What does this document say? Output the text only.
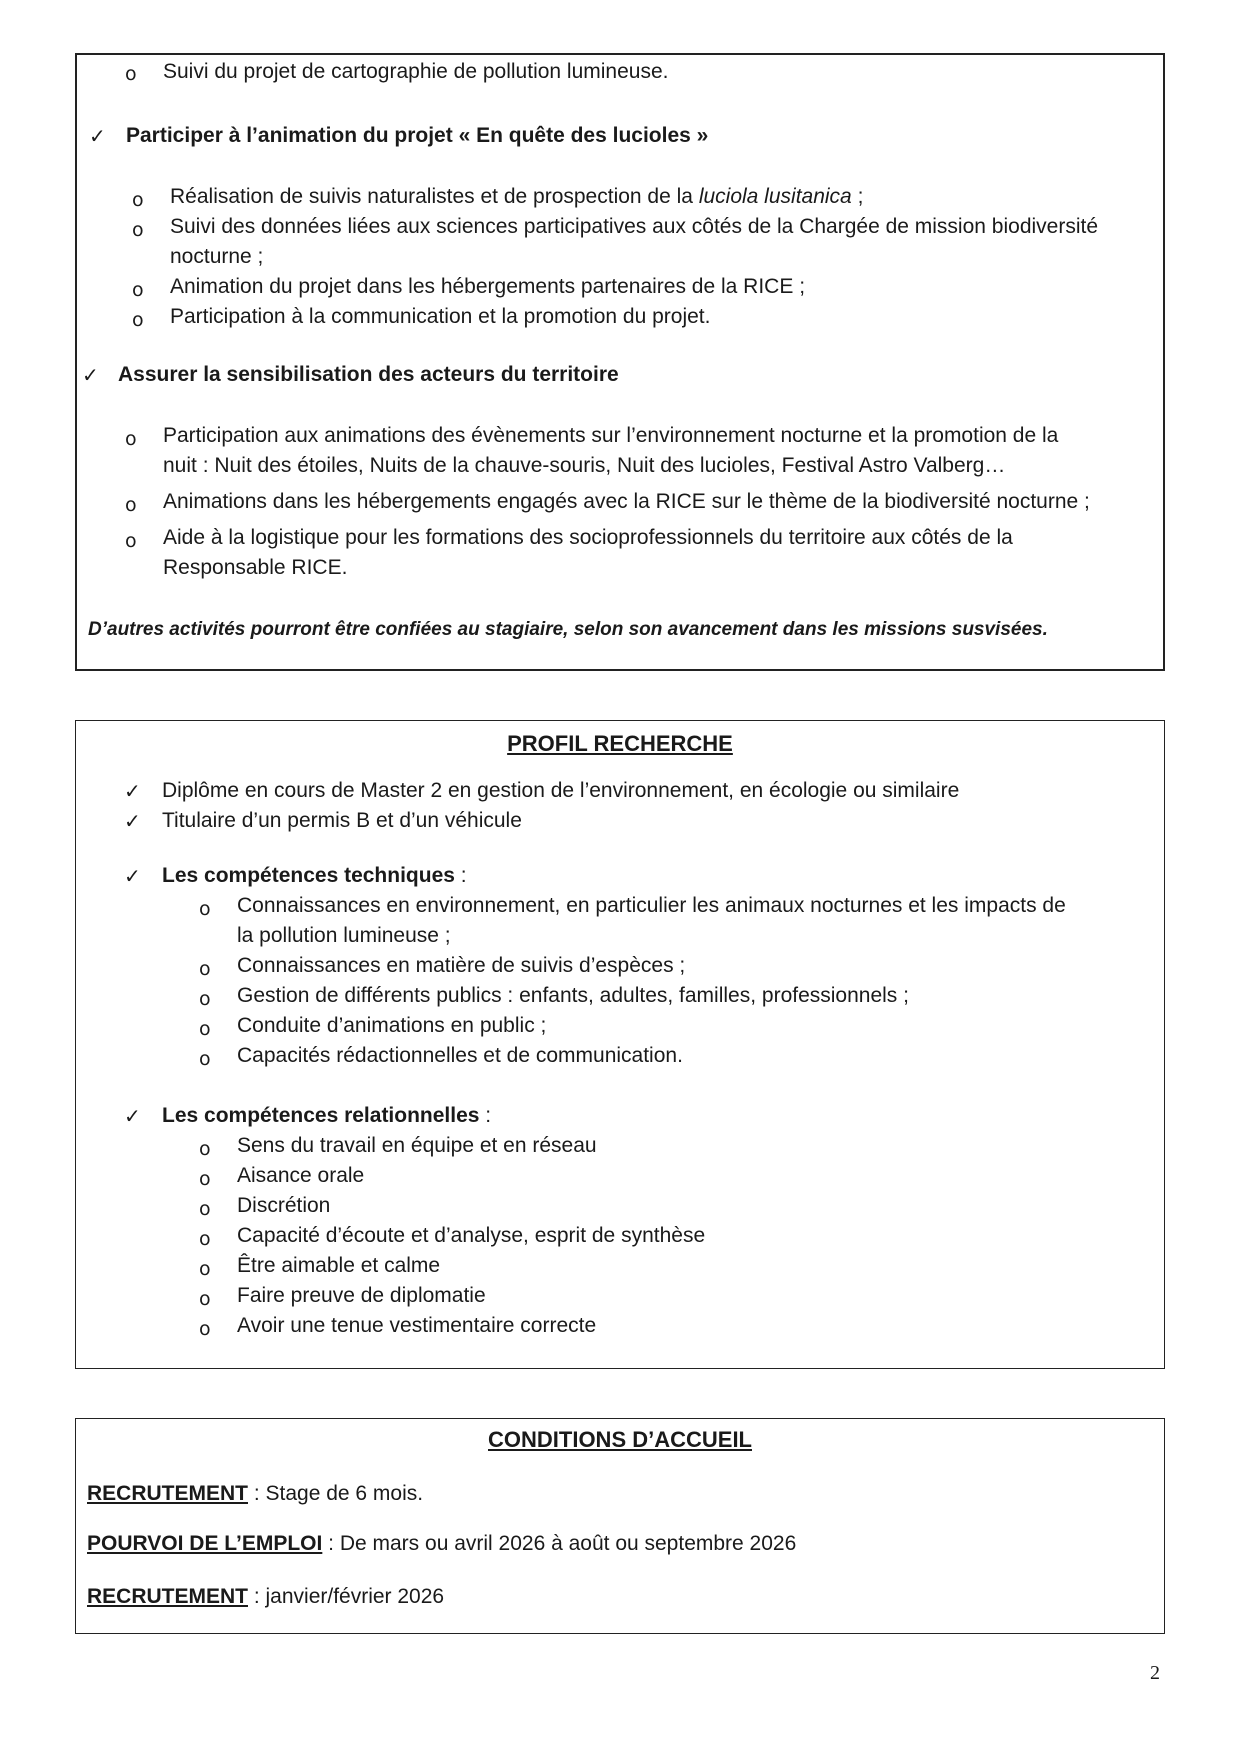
o Suivi du projet de cartographie de pollution lumineuse.
✓ Participer à l’animation du projet « En quête des lucioles »
o Réalisation de suivis naturalistes et de prospection de la luciola lusitanica ;
o Suivi des données liées aux sciences participatives aux côtés de la Chargée de mission biodiversité
nocturne ;
o Animation du projet dans les hébergements partenaires de la RICE ;
o Participation à la communication et la promotion du projet.
✓ Assurer la sensibilisation des acteurs du territoire
o Participation aux animations des évènements sur l’environnement nocturne et la promotion de la
nuit : Nuit des étoiles, Nuits de la chauve-souris, Nuit des lucioles, Festival Astro Valberg…
o Animations dans les hébergements engagés avec la RICE sur le thème de la biodiversité nocturne ;
o Aide à la logistique pour les formations des socioprofessionnels du territoire aux côtés de la
Responsable RICE.
D’autres activités pourront être confiées au stagiaire, selon son avancement dans les missions susvisées.
PROFIL RECHERCHE
✓ Diplôme en cours de Master 2 en gestion de l’environnement, en écologie ou similaire
✓ Titulaire d’un permis B et d’un véhicule
✓ Les compétences techniques :
o Connaissances en environnement, en particulier les animaux nocturnes et les impacts de
la pollution lumineuse ;
o Connaissances en matière de suivis d’espèces ;
o Gestion de différents publics : enfants, adultes, familles, professionnels ;
o Conduite d’animations en public ;
o Capacités rédactionnelles et de communication.
✓ Les compétences relationnelles :
o Sens du travail en équipe et en réseau
o Aisance orale
o Discrétion
o Capacité d’écoute et d’analyse, esprit de synthèse
o Être aimable et calme
o Faire preuve de diplomatie
o Avoir une tenue vestimentaire correcte
CONDITIONS D’ACCUEIL
RECRUTEMENT : Stage de 6 mois.
POURVOI DE L’EMPLOI : De mars ou avril 2026 à août ou septembre 2026
RECRUTEMENT : janvier/février 2026
2
